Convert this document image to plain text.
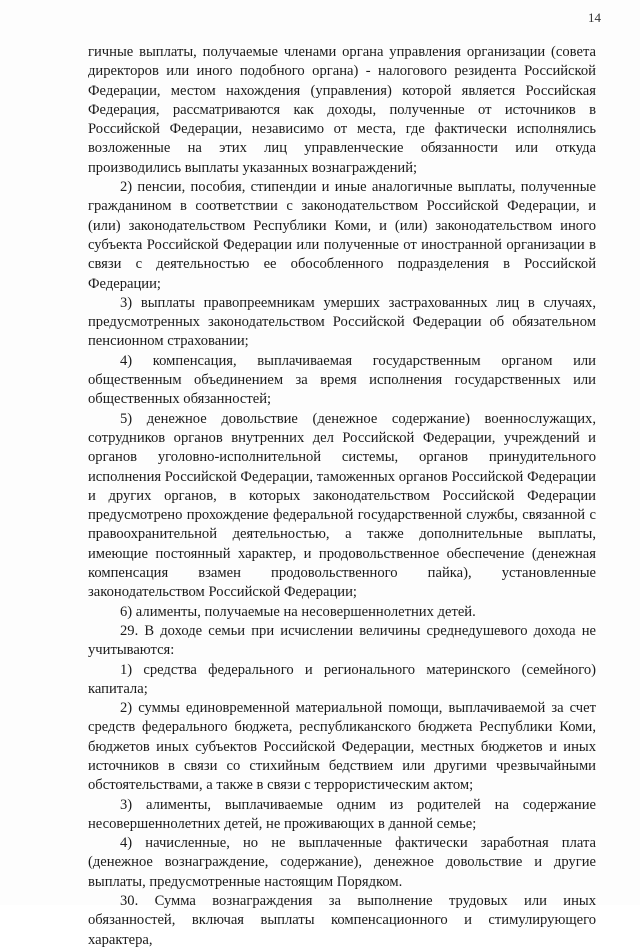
14

гичные выплаты, получаемые членами органа управления организации (совета директоров или иного подобного органа) - налогового резидента Российской Федерации, местом нахождения (управления) которой является Российская Федерация, рассматриваются как доходы, полученные от источников в Российской Федерации, независимо от места, где фактически исполнялись возложенные на этих лиц управленческие обязанности или откуда производились выплаты указанных вознаграждений;

2) пенсии, пособия, стипендии и иные аналогичные выплаты, полученные гражданином в соответствии с законодательством Российской Федерации, и (или) законодательством Республики Коми, и (или) законодательством иного субъекта Российской Федерации или полученные от иностранной организации в связи с деятельностью ее обособленного подразделения в Российской Федерации;

3) выплаты правопреемникам умерших застрахованных лиц в случаях, предусмотренных законодательством Российской Федерации об обязательном пенсионном страховании;

4) компенсация, выплачиваемая государственным органом или общественным объединением за время исполнения государственных или общественных обязанностей;

5) денежное довольствие (денежное содержание) военнослужащих, сотрудников органов внутренних дел Российской Федерации, учреждений и органов уголовно-исполнительной системы, органов принудительного исполнения Российской Федерации, таможенных органов Российской Федерации и других органов, в которых законодательством Российской Федерации предусмотрено прохождение федеральной государственной службы, связанной с правоохранительной деятельностью, а также дополнительные выплаты, имеющие постоянный характер, и продовольственное обеспечение (денежная компенсация взамен продовольственного пайка), установленные законодательством Российской Федерации;

6) алименты, получаемые на несовершеннолетних детей.

29. В доходе семьи при исчислении величины среднедушевого дохода не учитываются:

1) средства федерального и регионального материнского (семейного) капитала;

2) суммы единовременной материальной помощи, выплачиваемой за счет средств федерального бюджета, республиканского бюджета Республики Коми, бюджетов иных субъектов Российской Федерации, местных бюджетов и иных источников в связи со стихийным бедствием или другими чрезвычайными обстоятельствами, а также в связи с террористическим актом;

3) алименты, выплачиваемые одним из родителей на содержание несовершеннолетних детей, не проживающих в данной семье;

4) начисленные, но не выплаченные фактически заработная плата (денежное вознаграждение, содержание), денежное довольствие и другие выплаты, предусмотренные настоящим Порядком.

30. Сумма вознаграждения за выполнение трудовых или иных обязанностей, включая выплаты компенсационного и стимулирующего характера,
